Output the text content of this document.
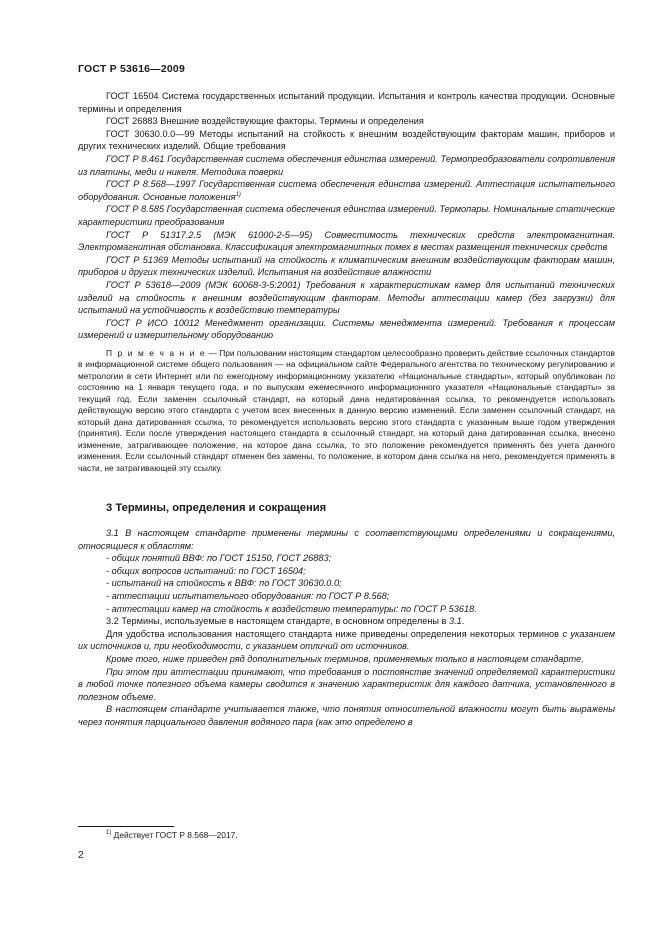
ГОСТ Р 53616—2009

ГОСТ 16504 Система государственных испытаний продукции. Испытания и контроль качества продукции. Основные термины и определения

ГОСТ 26883 Внешние воздействующие факторы. Термины и определения

ГОСТ 30630.0.0—99 Методы испытаний на стойкость к внешним воздействующим факторам машин, приборов и других технических изделий. Общие требования

ГОСТ Р 8.461 Государственная система обеспечения единства измерений. Термопреобразователи сопротивления из платины, меди и никеля. Методика поверки

ГОСТ Р 8.568—1997 Государственная система обеспечения единства измерений. Аттестация испытательного оборудования. Основные положения$^{1)}$

ГОСТ Р 8.585 Государственная система обеспечения единства измерений. Термопары. Номинальные статические характеристики преобразования

ГОСТ Р 51317.2.5 (МЭК 61000-2-5—95) Совместимость технических средств электромагнитная. Электромагнитная обстановка. Классификация электромагнитных помех в местах размещения технических средств

ГОСТ Р 51369 Методы испытаний на стойкость к климатическим внешним воздействующим факторам машин, приборов и других технических изделий. Испытания на воздействие влажности

ГОСТ Р 53618—2009 (МЭК 60068-3-5:2001) Требования к характеристикам камер для испытаний технических изделий на стойкость к внешним воздействующим факторам. Методы аттестации камер (без загрузки) для испытаний на устойчивость к воздействию температуры

ГОСТ Р ИСО 10012 Менеджмент организации. Системы менеджмента измерений. Требования к процессам измерений и измерительному оборудованию

П р и м е ч а н и е — При пользовании настоящим стандартом целесообразно проверить действие ссылочных стандартов в информационной системе общего пользования — на официальном сайте Федерального агентства по техническому регулированию и метрологии в сети Интернет или по ежегодному информационному указателю «Национальные стандарты», который опубликован по состоянию на 1 января текущего года, и по выпускам ежемесячного информационного указателя «Национальные стандарты» за текущий год. Если заменен ссылочный стандарт, на который дана недатированная ссылка, то рекомендуется использовать действующую версию этого стандарта с учетом всех внесенных в данную версию изменений. Если заменен ссылочный стандарт, на который дана датированная ссылка, то рекомендуется использовать версию этого стандарта с указанным выше годом утверждения (принятия). Если после утверждения настоящего стандарта в ссылочный стандарт, на который дана датированная ссылка, внесено изменение, затрагивающее положение, на которое дана ссылка, то это положение рекомендуется применять без учета данного изменения. Если ссылочный стандарт отменен без замены, то положение, в котором дана ссылка на него, рекомендуется применять в части, не затрагивающей эту ссылку.

3 Термины, определения и сокращения

3.1 В настоящем стандарте применены термины с соответствующими определениями и сокращениями, относящиеся к областям:

- общих понятий ВВФ: по ГОСТ 15150, ГОСТ 26883;
- общих вопросов испытаний: по ГОСТ 16504;
- испытаний на стойкость к ВВФ: по ГОСТ 30630.0.0;
- аттестации испытательного оборудования: по ГОСТ Р 8.568;
- аттестации камер на стойкость к воздействию температуры: по ГОСТ Р 53618.

3.2 Термины, используемые в настоящем стандарте, в основном определены в 3.1.

Для удобства использования настоящего стандарта ниже приведены определения некоторых терминов с указанием их источников и, при необходимости, с указанием отличий от источников.

Кроме того, ниже приведен ряд дополнительных терминов, применяемых только в настоящем стандарте.

При этом при аттестации принимают, что требования о постоянстве значений определяемой характеристики в любой точке полезного объема камеры сводится к значению характеристик для каждого датчика, установленного в полезном объеме.

В настоящем стандарте учитывается также, что понятия относительной влажности могут быть выражены через понятия парциального давления водяного пара (как это определено в

$^{1)}$ Действует ГОСТ Р 8.568—2017.
2
